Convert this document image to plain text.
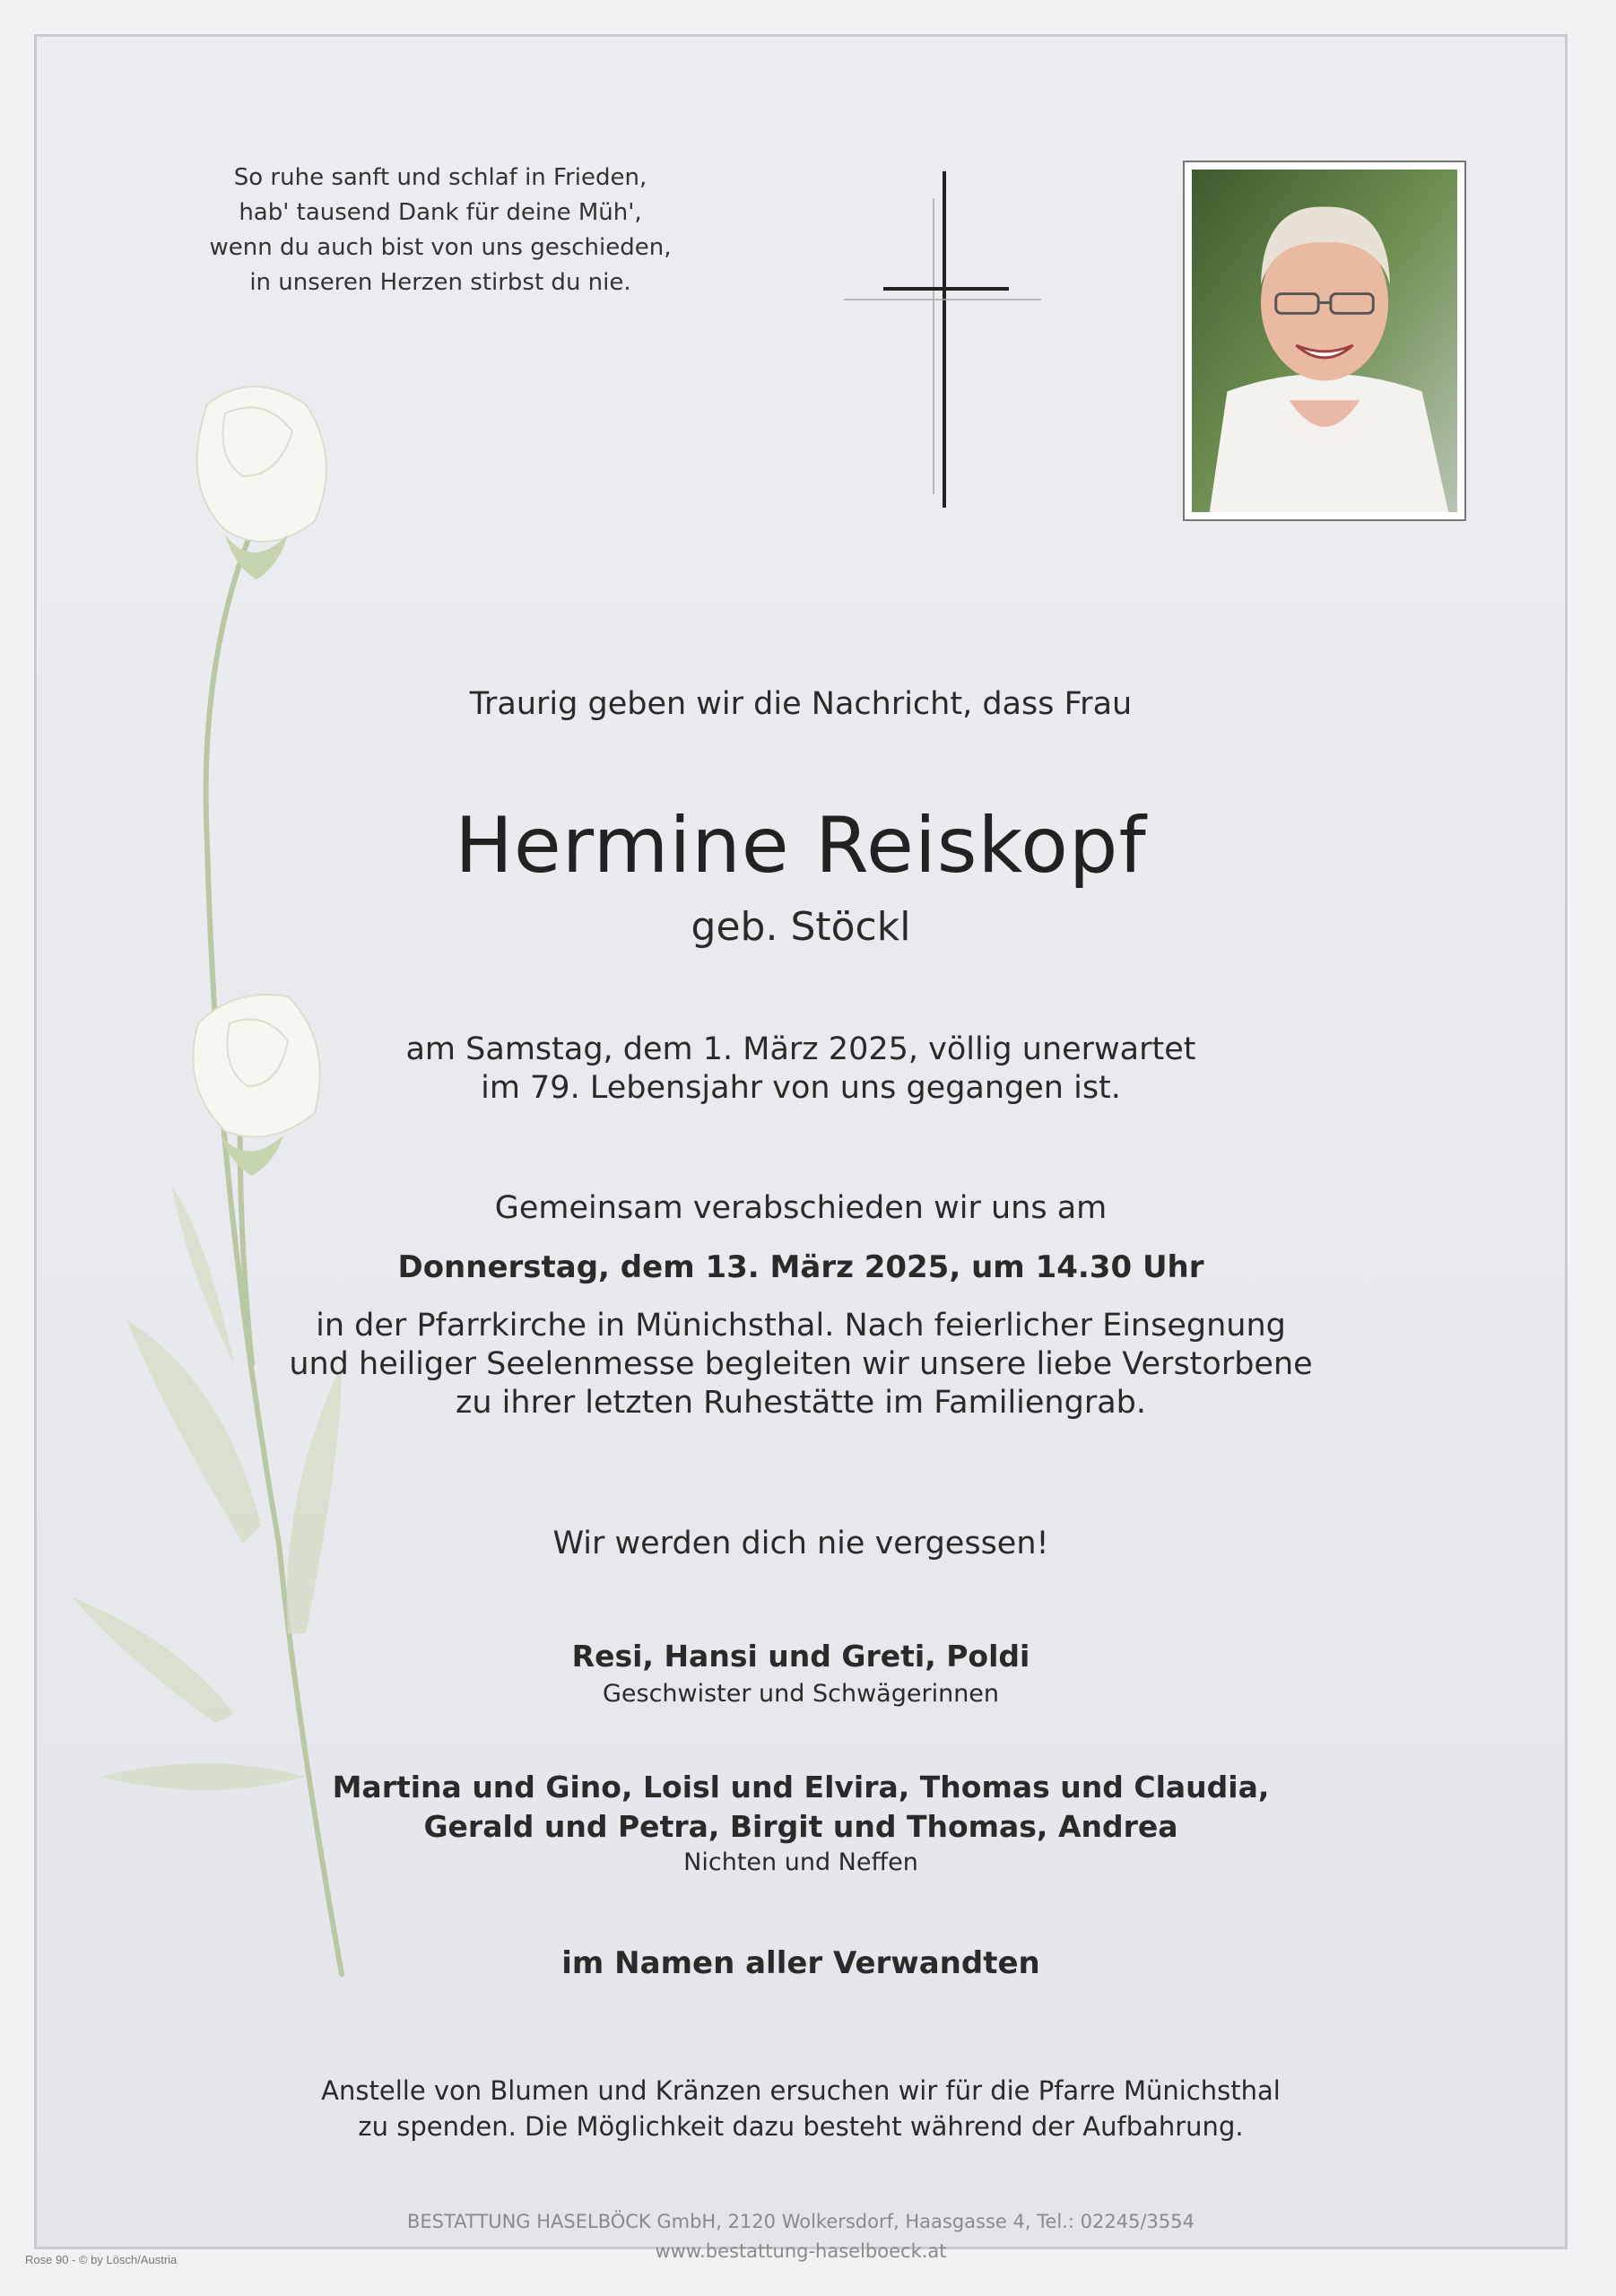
So ruhe sanft und schlaf in Frieden,
hab' tausend Dank für deine Müh',
wenn du auch bist von uns geschieden,
in unseren Herzen stirbst du nie.
Traurig geben wir die Nachricht, dass Frau
Hermine Reiskopf
geb. Stöckl
am Samstag, dem 1. März 2025, völlig unerwartet
im 79. Lebensjahr von uns gegangen ist.
Gemeinsam verabschieden wir uns am
Donnerstag, dem 13. März 2025, um 14.30 Uhr
in der Pfarrkirche in Münichsthal. Nach feierlicher Einsegnung
und heiliger Seelenmesse begleiten wir unsere liebe Verstorbene
zu ihrer letzten Ruhestätte im Familiengrab.
Wir werden dich nie vergessen!
Resi, Hansi und Greti, Poldi
Geschwister und Schwägerinnen
Martina und Gino, Loisl und Elvira, Thomas und Claudia,
Gerald und Petra, Birgit und Thomas, Andrea
Nichten und Neffen
im Namen aller Verwandten
Anstelle von Blumen und Kränzen ersuchen wir für die Pfarre Münichsthal
zu spenden. Die Möglichkeit dazu besteht während der Aufbahrung.
BESTATTUNG HASELBÖCK GmbH, 2120 Wolkersdorf, Haasgasse 4, Tel.: 02245/3554
www.bestattung-haselboeck.at
Rose 90 - © by Lösch/Austria
